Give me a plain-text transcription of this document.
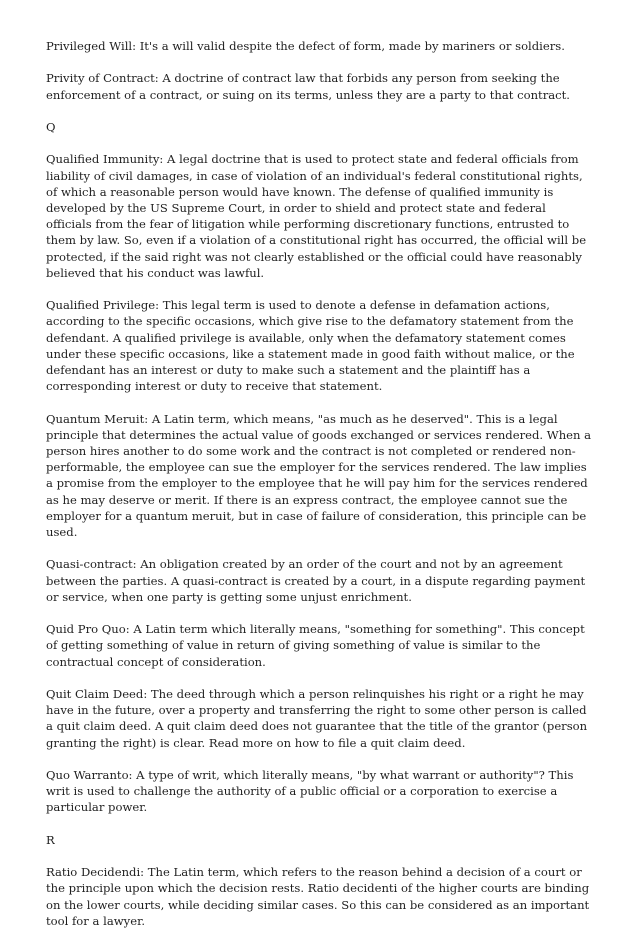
Privileged Will: It's a will valid despite the defect of form, made by mariners or soldiers.

Privity of Contract: A doctrine of contract law that forbids any person from seeking the enforcement of a contract, or suing on its terms, unless they are a party to that contract.

Q

Qualified Immunity: A legal doctrine that is used to protect state and federal officials from liability of civil damages, in case of violation of an individual's federal constitutional rights, of which a reasonable person would have known. The defense of qualified immunity is developed by the US Supreme Court, in order to shield and protect state and federal officials from the fear of litigation while performing discretionary functions, entrusted to them by law. So, even if a violation of a constitutional right has occurred, the official will be protected, if the said right was not clearly established or the official could have reasonably believed that his conduct was lawful.

Qualified Privilege: This legal term is used to denote a defense in defamation actions, according to the specific occasions, which give rise to the defamatory statement from the defendant. A qualified privilege is available, only when the defamatory statement comes under these specific occasions, like a statement made in good faith without malice, or the defendant has an interest or duty to make such a statement and the plaintiff has a corresponding interest or duty to receive that statement.

Quantum Meruit: A Latin term, which means, "as much as he deserved". This is a legal principle that determines the actual value of goods exchanged or services rendered. When a person hires another to do some work and the contract is not completed or rendered non-performable, the employee can sue the employer for the services rendered. The law implies a promise from the employer to the employee that he will pay him for the services rendered as he may deserve or merit. If there is an express contract, the employee cannot sue the employer for a quantum meruit, but in case of failure of consideration, this principle can be used.

Quasi-contract: An obligation created by an order of the court and not by an agreement between the parties. A quasi-contract is created by a court, in a dispute regarding payment or service, when one party is getting some unjust enrichment.

Quid Pro Quo: A Latin term which literally means, "something for something". This concept of getting something of value in return of giving something of value is similar to the contractual concept of consideration.

Quit Claim Deed: The deed through which a person relinquishes his right or a right he may have in the future, over a property and transferring the right to some other person is called a quit claim deed. A quit claim deed does not guarantee that the title of the grantor (person granting the right) is clear. Read more on how to file a quit claim deed.

Quo Warranto: A type of writ, which literally means, "by what warrant or authority"? This writ is used to challenge the authority of a public official or a corporation to exercise a particular power.

R

Ratio Decidendi: The Latin term, which refers to the reason behind a decision of a court or the principle upon which the decision rests. Ratio decidenti of the higher courts are binding on the lower courts, while deciding similar cases. So this can be considered as an important tool for a lawyer.
